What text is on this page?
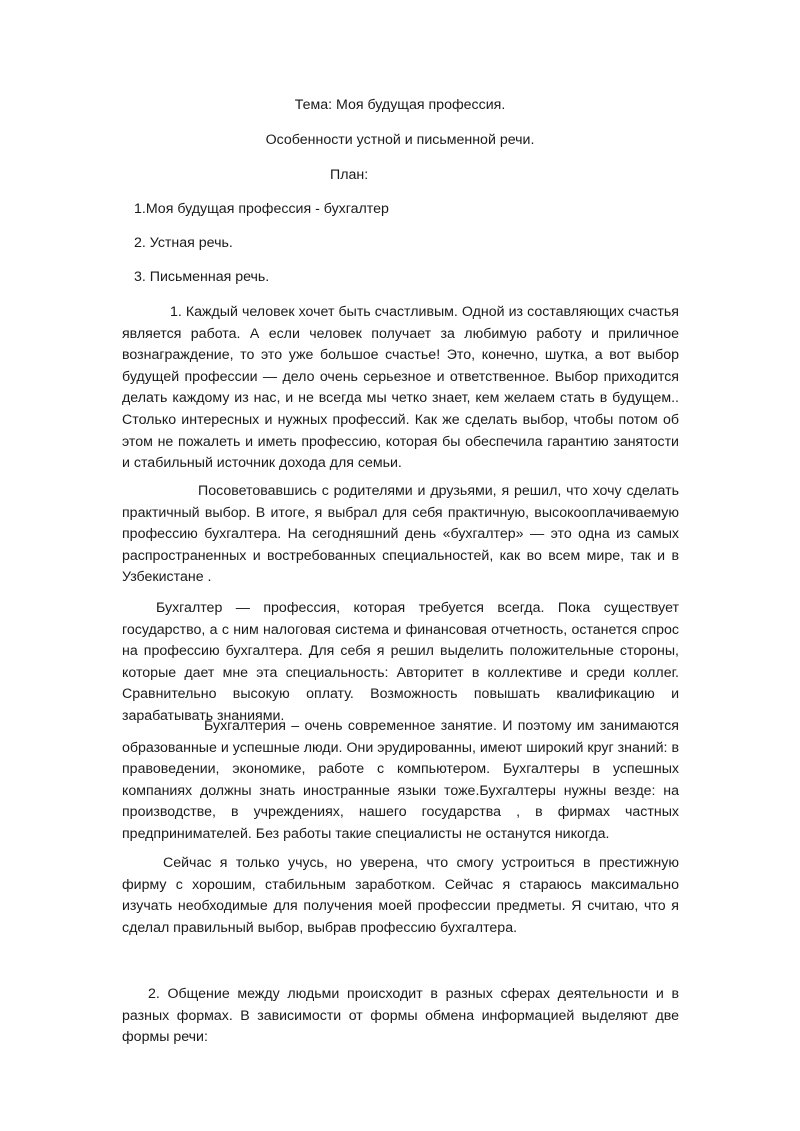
Тема: Моя будущая профессия.
Особенности устной и письменной речи.
План:
1.Моя будущая профессия - бухгалтер
2. Устная речь.
3. Письменная речь.

1. Каждый человек хочет быть счастливым. Одной из составляющих счастья является работа. А если человек получает за любимую работу и приличное вознаграждение, то это уже большое счастье! Это, конечно, шутка, а вот выбор будущей профессии — дело очень серьезное и ответственное. Выбор приходится делать каждому из нас, и не всегда мы четко знает, кем желаем стать в будущем.. Столько интересных и нужных профессий. Как же сделать выбор, чтобы потом об этом не пожалеть и иметь профессию, которая бы обеспечила гарантию занятости и стабильный источник дохода для семьи.

Посоветовавшись с родителями и друзьями, я решил, что хочу сделать практичный выбор. В итоге, я выбрал для себя практичную, высокооплачиваемую профессию бухгалтера. На сегодняшний день «бухгалтер» — это одна из самых распространенных и востребованных специальностей, как во всем мире, так и в Узбекистане .

Бухгалтер — профессия, которая требуется всегда. Пока существует государство, а с ним налоговая система и финансовая отчетность, останется спрос на профессию бухгалтера. Для себя я решил выделить положительные стороны, которые дает мне эта специальность: Авторитет в коллективе и среди коллег. Сравнительно высокую оплату. Возможность повышать квалификацию и зарабатывать знаниями.

Бухгалтерия – очень современное занятие. И поэтому им занимаются образованные и успешные люди. Они эрудированны, имеют широкий круг знаний: в правоведении, экономике, работе с компьютером. Бухгалтеры в успешных компаниях должны знать иностранные языки тоже.Бухгалтеры нужны везде: на производстве, в учреждениях, нашего государства , в фирмах частных предпринимателей. Без работы такие специалисты не останутся никогда.

Сейчас я только учусь, но уверена, что смогу устроиться в престижную фирму с хорошим, стабильным заработком. Сейчас я стараюсь максимально изучать необходимые для получения моей профессии предметы. Я считаю, что я сделал правильный выбор, выбрав профессию бухгалтера.

2. Общение между людьми происходит в разных сферах деятельности и в разных формах. В зависимости от формы обмена информацией выделяют две формы речи:
